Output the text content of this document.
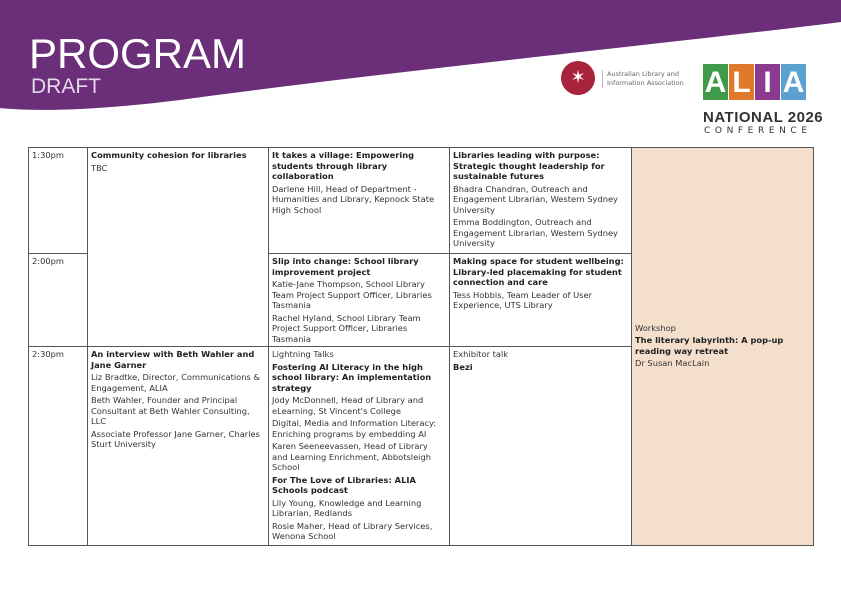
PROGRAM
DRAFT	✶	Australian Library and
Information Association A L I A
NATIONAL 2026
CONFERENCE

1:30pm

2:00pm

2:30pm

Community cohesion for libraries

TBC

An interview with Beth Wahler and Jane Garner

Liz Bradtke, Director, Communications & Engagement, ALIA

Beth Wahler, Founder and Principal Consultant at Beth Wahler Consulting, LLC

Associate Professor Jane Garner, Charles Sturt University

It takes a village: Empowering students through library collaboration

Darlene Hill, Head of Department - Humanities and Library, Kepnock State High School

Slip into change: School library improvement project

Katie-Jane Thompson, School Library Team Project Support Officer, Libraries Tasmania

Rachel Hyland, School Library Team Project Support Officer, Libraries Tasmania

Lightning Talks

Fostering AI Literacy in the high school library: An implementation strategy

Jody McDonnell, Head of Library and eLearning, St Vincent's College

Digital, Media and Information Literacy: Enriching programs by embedding AI

Karen Seeneevassen, Head of Library and Learning Enrichment, Abbotsleigh School

For The Love of Libraries: ALIA Schools podcast

Lily Young, Knowledge and Learning Librarian, Redlands

Rosie Maher, Head of Library Services, Wenona School

Libraries leading with purpose: Strategic thought leadership for sustainable futures

Bhadra Chandran, Outreach and Engagement Librarian, Western Sydney University

Emma Boddington, Outreach and Engagement Librarian, Western Sydney University

Making space for student wellbeing: Library-led placemaking for student connection and care

Tess Hobbis, Team Leader of User Experience, UTS Library

Exhibitor talk

Bezi

Workshop

The literary labyrinth: A pop-up reading way retreat

Dr Susan MacLain
